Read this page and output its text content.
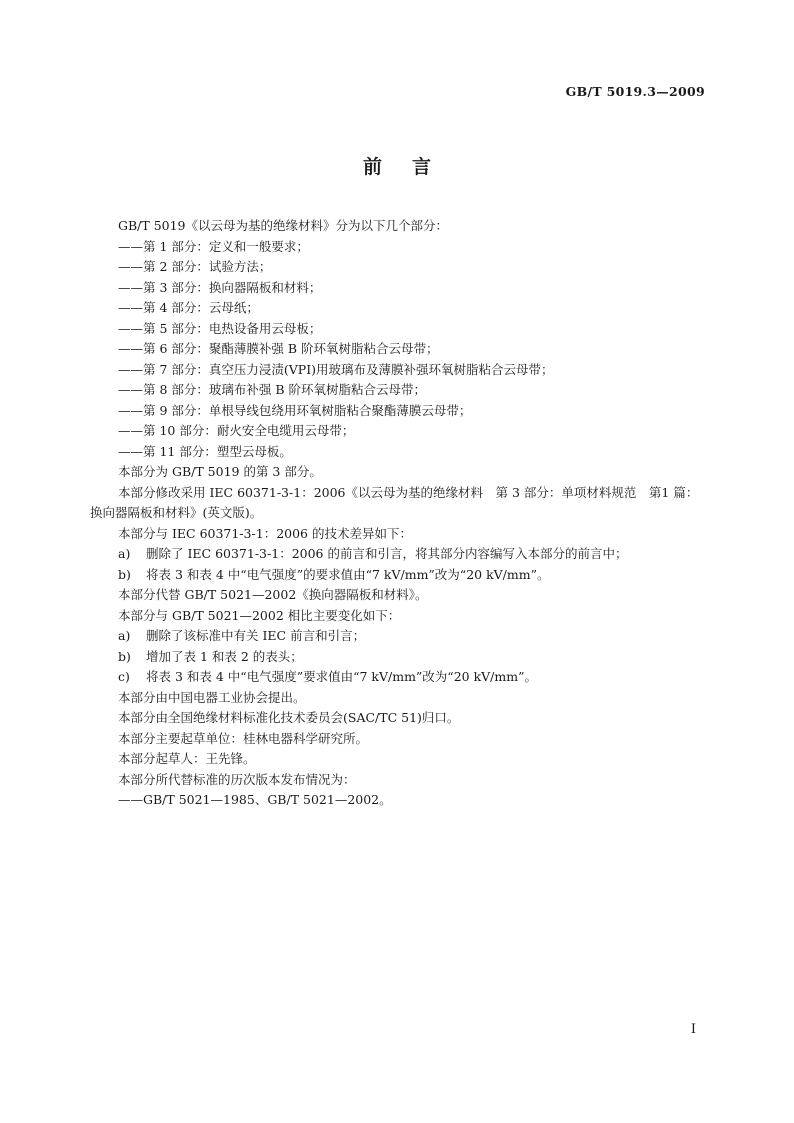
GB/T 5019.3—2009
前言

GB/T 5019《以云母为基的绝缘材料》分为以下几个部分：

——第 1 部分：定义和一般要求；

——第 2 部分：试验方法；

——第 3 部分：换向器隔板和材料；

——第 4 部分：云母纸；

——第 5 部分：电热设备用云母板；

——第 6 部分：聚酯薄膜补强 B 阶环氧树脂粘合云母带；

——第 7 部分：真空压力浸渍(VPI)用玻璃布及薄膜补强环氧树脂粘合云母带；

——第 8 部分：玻璃布补强 B 阶环氧树脂粘合云母带；

——第 9 部分：单根导线包绕用环氧树脂粘合聚酯薄膜云母带；

——第 10 部分：耐火安全电缆用云母带；

——第 11 部分：塑型云母板。

本部分为 GB/T 5019 的第 3 部分。

本部分修改采用 IEC 60371-3-1：2006《以云母为基的绝缘材料　第 3 部分：单项材料规范　第1 篇：换向器隔板和材料》(英文版)。

本部分与 IEC 60371-3-1：2006 的技术差异如下：

a) 删除了 IEC 60371-3-1：2006 的前言和引言，将其部分内容编写入本部分的前言中；

b) 将表 3 和表 4 中“电气强度”的要求值由“7 kV/mm”改为“20 kV/mm”。

本部分代替 GB/T 5021—2002《换向器隔板和材料》。

本部分与 GB/T 5021—2002 相比主要变化如下：

a) 删除了该标准中有关 IEC 前言和引言；

b) 增加了表 1 和表 2 的表头；

c) 将表 3 和表 4 中“电气强度”要求值由“7 kV/mm”改为“20 kV/mm”。

本部分由中国电器工业协会提出。

本部分由全国绝缘材料标准化技术委员会(SAC/TC 51)归口。

本部分主要起草单位：桂林电器科学研究所。

本部分起草人：王先锋。

本部分所代替标准的历次版本发布情况为：

——GB/T 5021—1985、GB/T 5021—2002。

I
